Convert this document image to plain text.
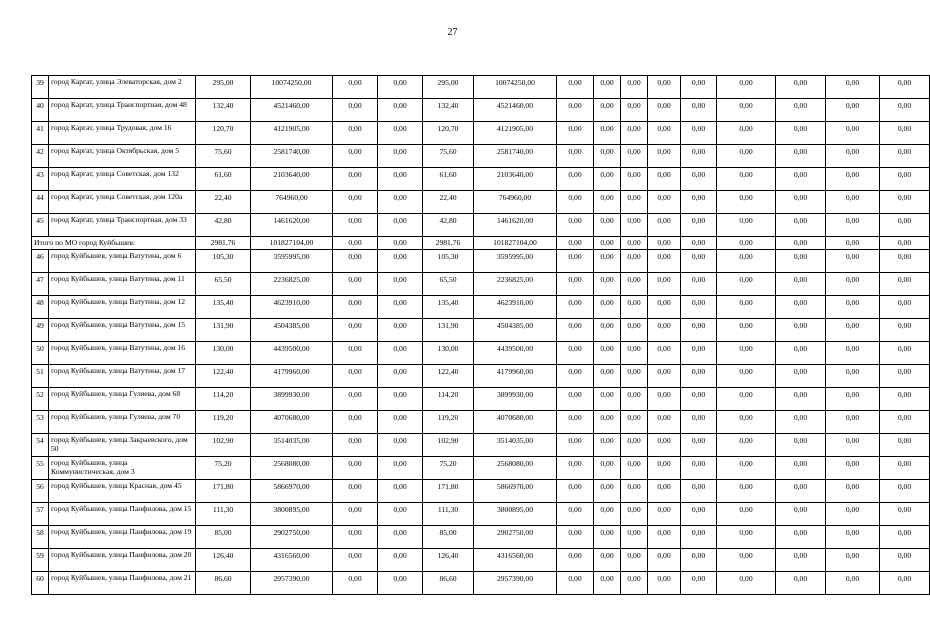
27
39	город Каргат, улица Элеваторская, дом 2	295,00	10074250,00	0,00	0,00	295,00	10074250,00	0,00	0,00	0,00	0,00	0,00	0,00	0,00	0,00	0,00
40	город Каргат, улица Транспортная, дом 48	132,40	4521460,00	0,00	0,00	132,40	4521460,00	0,00	0,00	0,00	0,00	0,00	0,00	0,00	0,00	0,00
41	город Каргат, улица Трудовая, дом 16	120,70	4121905,00	0,00	0,00	120,70	4121905,00	0,00	0,00	0,00	0,00	0,00	0,00	0,00	0,00	0,00
42	город Каргат, улица Октябрьская, дом 5	75,60	2581740,00	0,00	0,00	75,60	2581740,00	0,00	0,00	0,00	0,00	0,00	0,00	0,00	0,00	0,00
43	город Каргат, улица Советская, дом 132	61,60	2103640,00	0,00	0,00	61,60	2103640,00	0,00	0,00	0,00	0,00	0,00	0,00	0,00	0,00	0,00
44	город Каргат, улица Советская, дом 120а	22,40	764960,00	0,00	0,00	22,40	764960,00	0,00	0,00	0,00	0,00	0,00	0,00	0,00	0,00	0,00
45	город Каргат, улица Транспортная, дом 33	42,80	1461620,00	0,00	0,00	42,80	1461620,00	0,00	0,00	0,00	0,00	0,00	0,00	0,00	0,00	0,00
Итого по МО город Куйбышев:		2981,76	101827104,00	0,00	0,00	2981,76	101827104,00	0,00	0,00	0,00	0,00	0,00	0,00	0,00	0,00	0,00
46	город Куйбышев, улица Ватутина, дом 6	105,30	3595995,00	0,00	0,00	105,30	3595995,00	0,00	0,00	0,00	0,00	0,00	0,00	0,00	0,00	0,00
47	город Куйбышев, улица Ватутина, дом 11	65,50	2236825,00	0,00	0,00	65,50	2236825,00	0,00	0,00	0,00	0,00	0,00	0,00	0,00	0,00	0,00
48	город Куйбышев, улица Ватутина, дом 12	135,40	4623910,00	0,00	0,00	135,40	4623910,00	0,00	0,00	0,00	0,00	0,00	0,00	0,00	0,00	0,00
49	город Куйбышев, улица Ватутина, дом 15	131,90	4504385,00	0,00	0,00	131,90	4504385,00	0,00	0,00	0,00	0,00	0,00	0,00	0,00	0,00	0,00
50	город Куйбышев, улица Ватутина, дом 16	130,00	4439500,00	0,00	0,00	130,00	4439500,00	0,00	0,00	0,00	0,00	0,00	0,00	0,00	0,00	0,00
51	город Куйбышев, улица Ватутина, дом 17	122,40	4179960,00	0,00	0,00	122,40	4179960,00	0,00	0,00	0,00	0,00	0,00	0,00	0,00	0,00	0,00
52	город Куйбышев, улица Гуляева, дом 68	114,20	3899930,00	0,00	0,00	114,20	3899930,00	0,00	0,00	0,00	0,00	0,00	0,00	0,00	0,00	0,00
53	город Куйбышев, улица Гуляева, дом 70	119,20	4070680,00	0,00	0,00	119,20	4070680,00	0,00	0,00	0,00	0,00	0,00	0,00	0,00	0,00	0,00
54	город Куйбышев, улица Закраевского, дом 50	102,90	3514035,00	0,00	0,00	102,90	3514035,00	0,00	0,00	0,00	0,00	0,00	0,00	0,00	0,00	0,00
55	город Куйбышев, улица Коммунистическая, дом 3	75,20	2568080,00	0,00	0,00	75,20	2568080,00	0,00	0,00	0,00	0,00	0,00	0,00	0,00	0,00	0,00
56	город Куйбышев, улица Красная, дом 45	171,80	5866970,00	0,00	0,00	171,80	5866970,00	0,00	0,00	0,00	0,00	0,00	0,00	0,00	0,00	0,00
57	город Куйбышев, улица Панфилова, дом 15	111,30	3800895,00	0,00	0,00	111,30	3800895,00	0,00	0,00	0,00	0,00	0,00	0,00	0,00	0,00	0,00
58	город Куйбышев, улица Панфилова, дом 19	85,00	2902750,00	0,00	0,00	85,00	2902750,00	0,00	0,00	0,00	0,00	0,00	0,00	0,00	0,00	0,00
59	город Куйбышев, улица Панфилова, дом 20	126,40	4316560,00	0,00	0,00	126,40	4316560,00	0,00	0,00	0,00	0,00	0,00	0,00	0,00	0,00	0,00
60	город Куйбышев, улица Панфилова, дом 21	86,60	2957390,00	0,00	0,00	86,60	2957390,00	0,00	0,00	0,00	0,00	0,00	0,00	0,00	0,00	0,00
